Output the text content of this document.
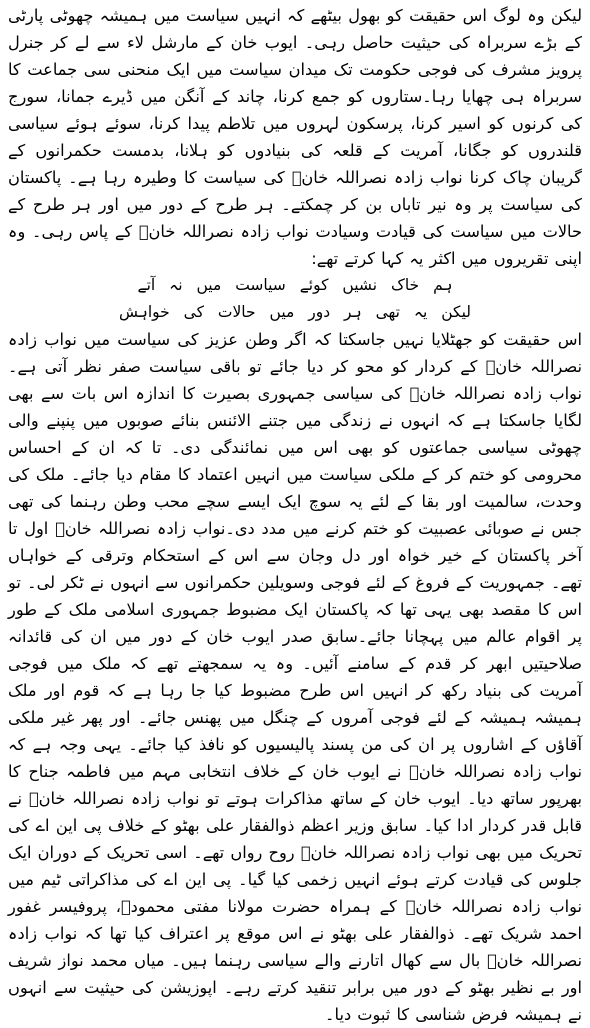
لیکن وہ لوگ اس حقیقت کو بھول بیٹھے کہ انہیں سیاست میں ہمیشہ چھوٹی پارٹی کے بڑے سربراہ کی حیثیت حاصل رہی۔ ایوب خان کے مارشل لاء سے لے کر جنرل پرویز مشرف کی فوجی حکومت تک میدان سیاست میں ایک منحنی سی جماعت کا سربراہ ہی چھایا رہا۔ستاروں کو جمع کرنا، چاند کے آنگن میں ڈیرے جمانا، سورج کی کرنوں کو اسیر کرنا، پرسکون لہروں میں تلاطم پیدا کرنا، سوئے ہوئے سیاسی قلندروں کو جگانا، آمریت کے قلعہ کی بنیادوں کو ہلانا، بدمست حکمرانوں کے گریبان چاک کرنا نواب زادہ نصراللہ خانؒ کی سیاست کا وطیرہ رہا ہے۔ پاکستان کی سیاست پر وہ نیر تاباں بن کر چمکتے۔ ہر طرح کے دور میں اور ہر طرح کے حالات میں سیاست کی قیادت وسیادت نواب زادہ نصراللہ خانؒ کے پاس رہی۔ وہ اپنی تقریروں میں اکثر یہ کہا کرتے تھے:

ہم خاک نشیں کوئے سیاست میں نہ آتے

لیکن یہ تھی ہر دور میں حالات کی خواہش

اس حقیقت کو جھٹلایا نہیں جاسکتا کہ اگر وطن عزیز کی سیاست میں نواب زادہ نصراللہ خانؒ کے کردار کو محو کر دیا جائے تو باقی سیاست صفر نظر آتی ہے۔نواب زادہ نصراللہ خانؒ کی سیاسی جمہوری بصیرت کا اندازہ اس بات سے بھی لگایا جاسکتا ہے کہ انہوں نے زندگی میں جتنے الائنس بنائے صوبوں میں پنپنے والی چھوٹی سیاسی جماعتوں کو بھی اس میں نمائندگی دی۔ تا کہ ان کے احساس محرومی کو ختم کر کے ملکی سیاست میں انہیں اعتماد کا مقام دیا جائے۔ ملک کی وحدت، سالمیت اور بقا کے لئے یہ سوچ ایک ایسے سچے محب وطن رہنما کی تھی جس نے صوبائی عصبیت کو ختم کرنے میں مدد دی۔نواب زادہ نصراللہ خانؒ اول تا آخر پاکستان کے خیر خواہ اور دل وجان سے اس کے استحکام وترقی کے خواہاں تھے۔ جمہوریت کے فروغ کے لئے فوجی وسویلین حکمرانوں سے انہوں نے ٹکر لی۔ تو اس کا مقصد بھی یہی تھا کہ پاکستان ایک مضبوط جمہوری اسلامی ملک کے طور پر اقوام عالم میں پہچانا جائے۔سابق صدر ایوب خان کے دور میں ان کی قائدانہ صلاحیتیں ابھر کر قدم کے سامنے آئیں۔ وہ یہ سمجھتے تھے کہ ملک میں فوجی آمریت کی بنیاد رکھ کر انہیں اس طرح مضبوط کیا جا رہا ہے کہ قوم اور ملک ہمیشہ ہمیشہ کے لئے فوجی آمروں کے چنگل میں پھنس جائے۔ اور پھر غیر ملکی آقاؤں کے اشاروں پر ان کی من پسند پالیسیوں کو نافذ کیا جائے۔ یہی وجہ ہے کہ نواب زادہ نصراللہ خانؒ نے ایوب خان کے خلاف انتخابی مہم میں فاطمہ جناح کا بھرپور ساتھ دیا۔ ایوب خان کے ساتھ مذاکرات ہوتے تو نواب زادہ نصراللہ خانؒ نے قابل قدر کردار ادا کیا۔ سابق وزیر اعظم ذوالفقار علی بھٹو کے خلاف پی این اے کی تحریک میں بھی نواب زادہ نصراللہ خانؒ روح رواں تھے۔ اسی تحریک کے دوران ایک جلوس کی قیادت کرتے ہوئے انہیں زخمی کیا گیا۔ پی این اے کی مذاکراتی ٹیم میں نواب زادہ نصراللہ خانؒ کے ہمراہ حضرت مولانا مفتی محمودؒ، پروفیسر غفور احمد شریک تھے۔ ذوالفقار علی بھٹو نے اس موقع پر اعتراف کیا تھا کہ نواب زادہ نصراللہ خانؒ بال سے کھال اتارنے والے سیاسی رہنما ہیں۔ میاں محمد نواز شریف اور بے نظیر بھٹو کے دور میں برابر تنقید کرتے رہے۔ اپوزیشن کی حیثیت سے انہوں نے ہمیشہ فرض شناسی کا ثبوت دیا۔
